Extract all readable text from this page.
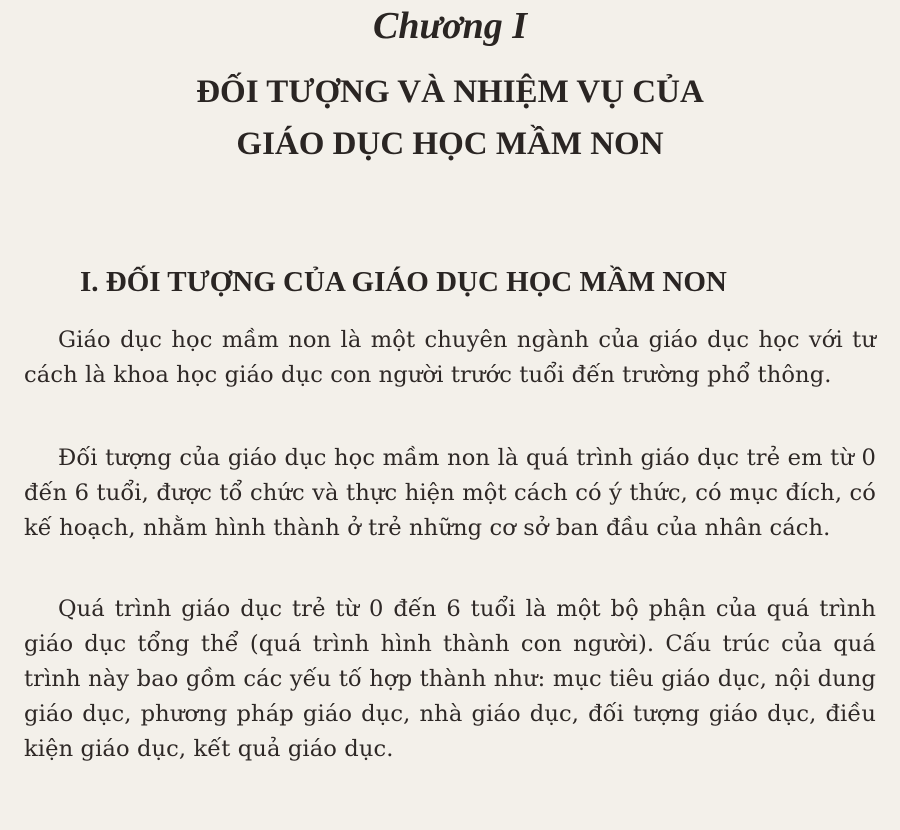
Chương I
ĐỐI TƯỢNG VÀ NHIỆM VỤ CỦA
GIÁO DỤC HỌC MẦM NON
I. ĐỐI TƯỢNG CỦA GIÁO DỤC HỌC MẦM NON

Giáo dục học mầm non là một chuyên ngành của giáo dục học với tư cách là khoa học giáo dục con người trước tuổi đến trường phổ thông.

Đối tượng của giáo dục học mầm non là quá trình giáo dục trẻ em từ 0 đến 6 tuổi, được tổ chức và thực hiện một cách có ý thức, có mục đích, có kế hoạch, nhằm hình thành ở trẻ những cơ sở ban đầu của nhân cách.

Quá trình giáo dục trẻ từ 0 đến 6 tuổi là một bộ phận của quá trình giáo dục tổng thể (quá trình hình thành con người). Cấu trúc của quá trình này bao gồm các yếu tố hợp thành như: mục tiêu giáo dục, nội dung giáo dục, phương pháp giáo dục, nhà giáo dục, đối tượng giáo dục, điều kiện giáo dục, kết quả giáo dục.
